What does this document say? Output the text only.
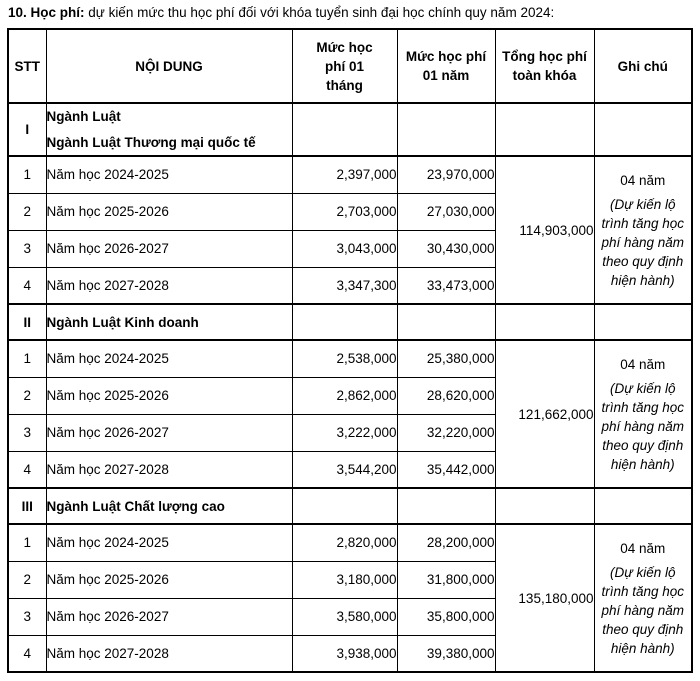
10. Học phí: dự kiến mức thu học phí đối với khóa tuyển sinh đại học chính quy năm 2024:
STT	NỘI DUNG	Mức học phí 01 tháng	Mức học phí 01 năm	Tổng học phí toàn khóa	Ghi chú
I	Ngành Luật
Ngành Luật Thương mại quốc tế				

1	Năm học 2024-2025	2,397,000	23,970,000	114,903,000	04 năm
(Dự kiến lộ trình tăng học phí hàng năm theo quy định hiện hành)
2	Năm học 2025-2026	2,703,000	27,030,000		
3	Năm học 2026-2027	3,043,000	30,430,000		
4	Năm học 2027-2028	3,347,300	33,473,000		
II	Ngành Luật Kinh doanh				

1	Năm học 2024-2025	2,538,000	25,380,000	121,662,000	04 năm
(Dự kiến lộ trình tăng học phí hàng năm theo quy định hiện hành)
2	Năm học 2025-2026	2,862,000	28,620,000		
3	Năm học 2026-2027	3,222,000	32,220,000		
4	Năm học 2027-2028	3,544,200	35,442,000		
III	Ngành Luật Chất lượng cao				

1	Năm học 2024-2025	2,820,000	28,200,000	135,180,000	04 năm
(Dự kiến lộ trình tăng học phí hàng năm theo quy định hiện hành)
2	Năm học 2025-2026	3,180,000	31,800,000		
3	Năm học 2026-2027	3,580,000	35,800,000		
4	Năm học 2027-2028	3,938,000	39,380,000		
